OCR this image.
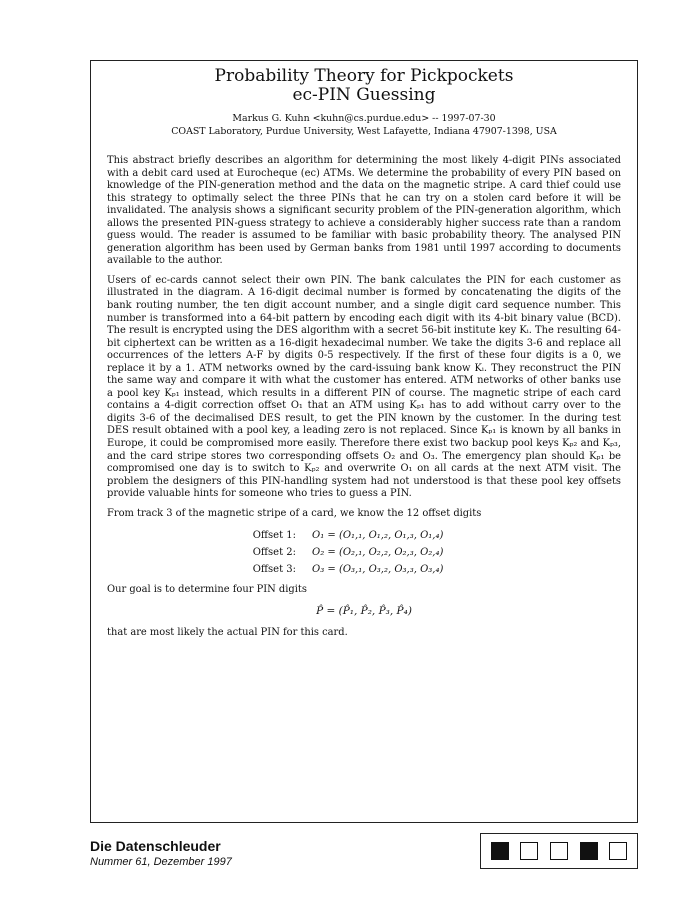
Probability Theory for Pickpockets
ec-PIN Guessing
Markus G. Kuhn <kuhn@cs.purdue.edu> -- 1997-07-30
COAST Laboratory, Purdue University, West Lafayette, Indiana 47907-1398, USA

This abstract briefly describes an algorithm for determining the most likely 4-digit PINs associated with a debit card used at Eurocheque (ec) ATMs. We determine the probability of every PIN based on knowledge of the PIN-generation method and the data on the magnetic stripe. A card thief could use this strategy to optimally select the three PINs that he can try on a stolen card before it will be invalidated. The analysis shows a significant security problem of the PIN-generation algorithm, which allows the presented PIN-guess strategy to achieve a considerably higher success rate than a random guess would. The reader is assumed to be familiar with basic probability theory. The analysed PIN generation algorithm has been used by German banks from 1981 until 1997 according to documents available to the author.

Users of ec-cards cannot select their own PIN. The bank calculates the PIN for each customer as illustrated in the diagram. A 16-digit decimal number is formed by concatenating the digits of the bank routing number, the ten digit account number, and a single digit card sequence number. This number is transformed into a 64-bit pattern by encoding each digit with its 4-bit binary value (BCD). The result is encrypted using the DES algorithm with a secret 56-bit institute key Kᵢ. The resulting 64-bit ciphertext can be written as a 16-digit hexadecimal number. We take the digits 3-6 and replace all occurrences of the letters A-F by digits 0-5 respectively. If the first of these four digits is a 0, we replace it by a 1. ATM networks owned by the card-issuing bank know Kᵢ. They reconstruct the PIN the same way and compare it with what the customer has entered. ATM networks of other banks use a pool key Kₚ₁ instead, which results in a different PIN of course. The magnetic stripe of each card contains a 4-digit correction offset O₁ that an ATM using Kₚ₁ has to add without carry over to the digits 3-6 of the decimalised DES result, to get the PIN known by the customer. In the during test DES result obtained with a pool key, a leading zero is not replaced. Since Kₚ₁ is known by all banks in Europe, it could be compromised more easily. Therefore there exist two backup pool keys Kₚ₂ and Kₚ₃, and the card stripe stores two corresponding offsets O₂ and O₃. The emergency plan should Kₚ₁ be compromised one day is to switch to Kₚ₂ and overwrite O₁ on all cards at the next ATM visit. The problem the designers of this PIN-handling system had not understood is that these pool key offsets provide valuable hints for someone who tries to guess a PIN.

From track 3 of the magnetic stripe of a card, we know the 12 offset digits

Offset 1: O₁ = (O₁,₁, O₁,₂, O₁,₃, O₁,₄)
Offset 2: O₂ = (O₂,₁, O₂,₂, O₂,₃, O₂,₄)
Offset 3: O₃ = (O₃,₁, O₃,₂, O₃,₃, O₃,₄)

Our goal is to determine four PIN digits

P̂ = (P̂₁, P̂₂, P̂₃, P̂₄)

that are most likely the actual PIN for this card.

Die Datenschleuder
Nummer 61, Dezember 1997
